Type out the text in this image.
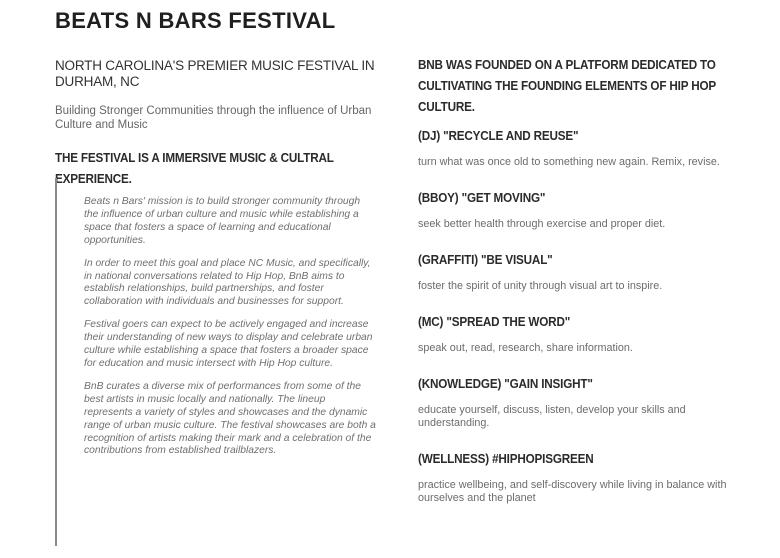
BEATS N BARS FESTIVAL
NORTH CAROLINA'S PREMIER MUSIC FESTIVAL IN DURHAM, NC
Building Stronger Communities through the influence of Urban Culture and Music
THE FESTIVAL IS A IMMERSIVE MUSIC & CULTRAL EXPERIENCE.

Beats n Bars' mission is to build stronger community through the influence of urban culture and music while establishing a space that fosters a space of learning and educational opportunities.

In order to meet this goal and place NC Music, and specifically, in national conversations related to Hip Hop, BnB aims to establish relationships, build partnerships, and foster collaboration with individuals and businesses for support.

Festival goers can expect to be actively engaged and increase their understanding of new ways to display and celebrate urban culture while establishing a space that fosters a broader space for education and music intersect with Hip Hop culture.

BnB curates a diverse mix of performances from some of the best artists in music locally and nationally. The lineup represents a variety of styles and showcases and the dynamic range of urban music culture. The festival showcases are both a recognition of artists making their mark and a celebration of the contributions from established trailblazers.

BNB WAS FOUNDED ON A PLATFORM DEDICATED TO CULTIVATING THE FOUNDING ELEMENTS OF HIP HOP CULTURE.
(DJ) "RECYCLE AND REUSE"
turn what was once old to something new again. Remix, revise.
(BBOY) "GET MOVING"
seek better health through exercise and proper diet.
(GRAFFITI) "BE VISUAL"
foster the spirit of unity through visual art to inspire.
(MC) "SPREAD THE WORD"
speak out, read, research, share information.
(KNOWLEDGE) "GAIN INSIGHT"
educate yourself, discuss, listen, develop your skills and understanding.
(WELLNESS) #HIPHOPISGREEN
practice wellbeing, and self-discovery while living in balance with ourselves and the planet
